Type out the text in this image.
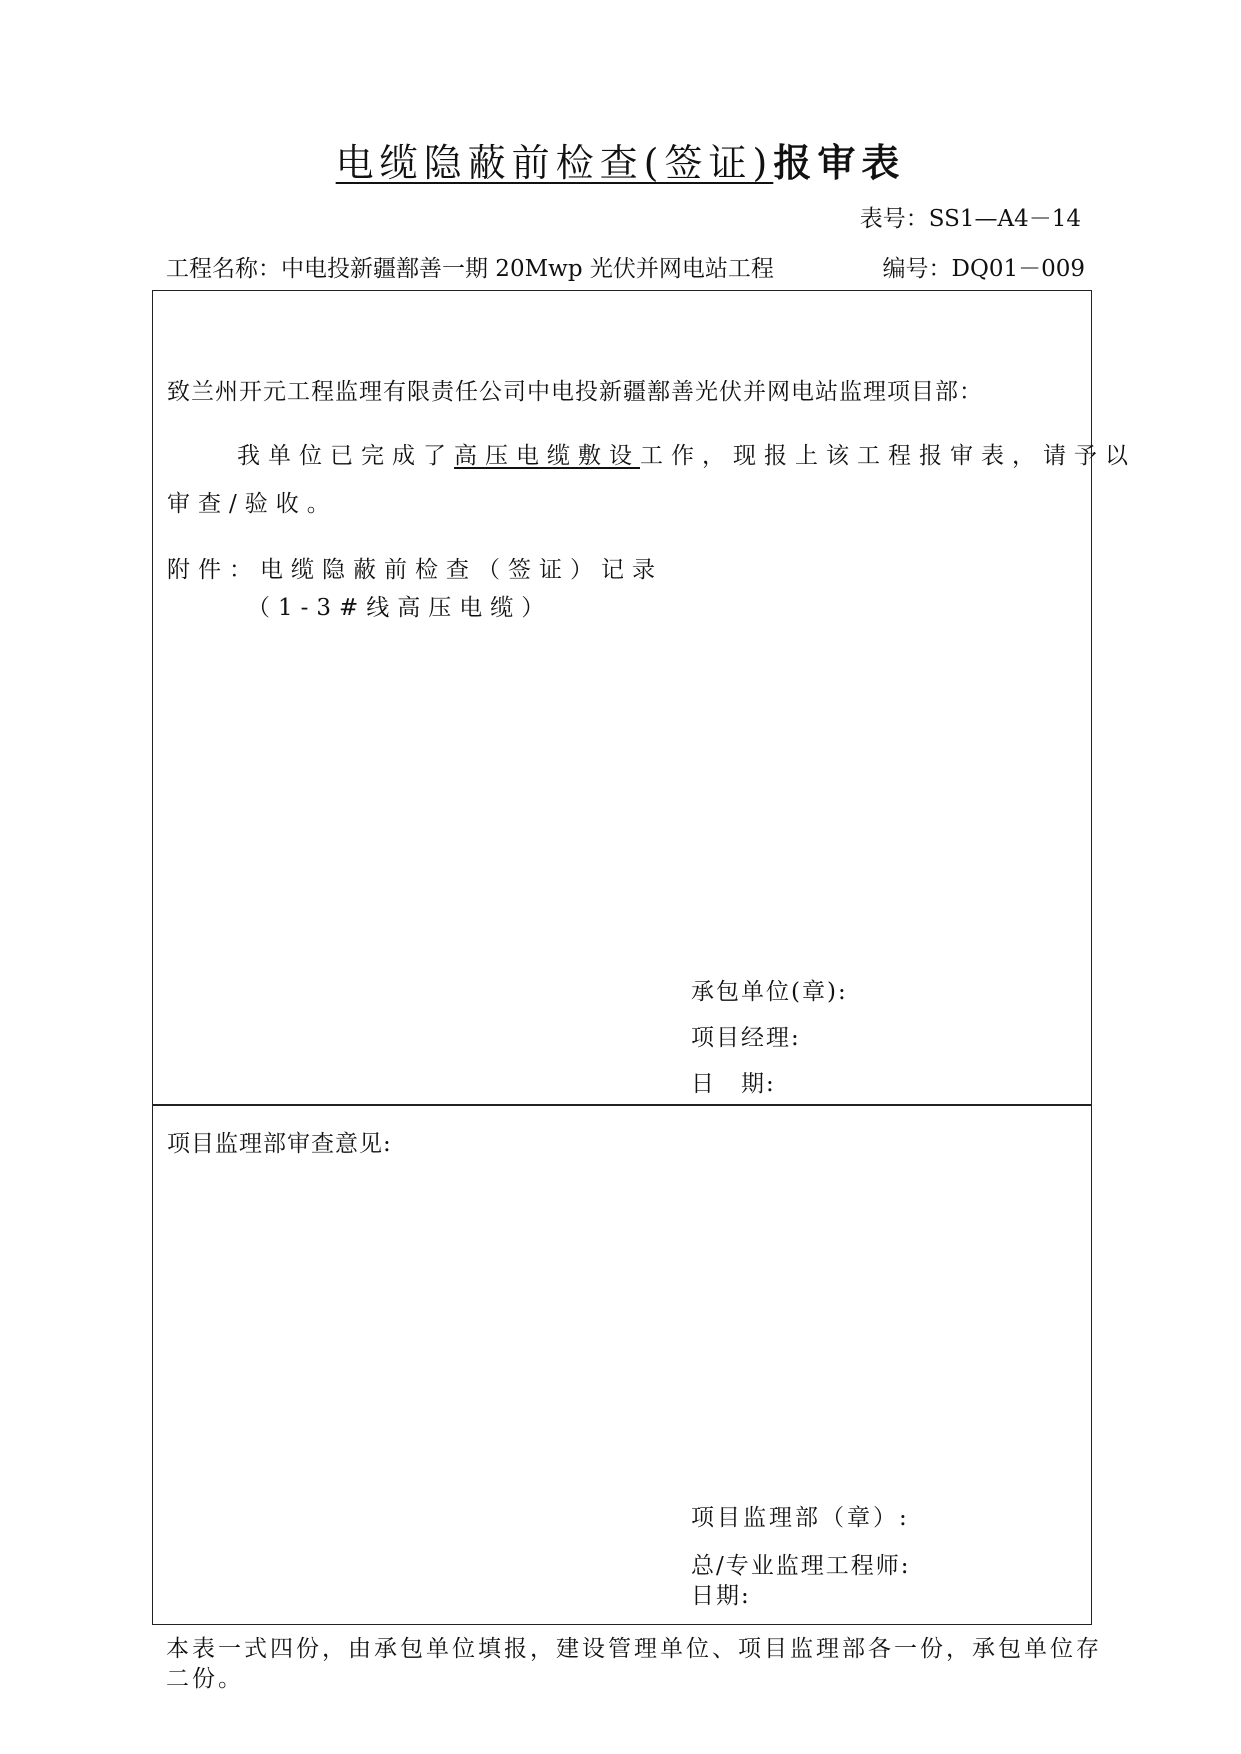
电缆隐蔽前检查(签证)报审表
表号：SS1—A4－14
工程名称：中电投新疆鄯善一期 20Mwp 光伏并网电站工程	编号：DQ01－009
致兰州开元工程监理有限责任公司中电投新疆鄯善光伏并网电站监理项目部：
我单位已完成了高压电缆敷设工作，现报上该工程报审表，请予以
审查/验收。
附件：电缆隐蔽前检查（签证）记录
（1-3#线高压电缆）
承包单位(章):
项目经理:
日　期:
项目监理部审查意见:
项目监理部（章）:
总/专业监理工程师:
日期:
本表一式四份，由承包单位填报，建设管理单位、项目监理部各一份，承包单位存
二份。
